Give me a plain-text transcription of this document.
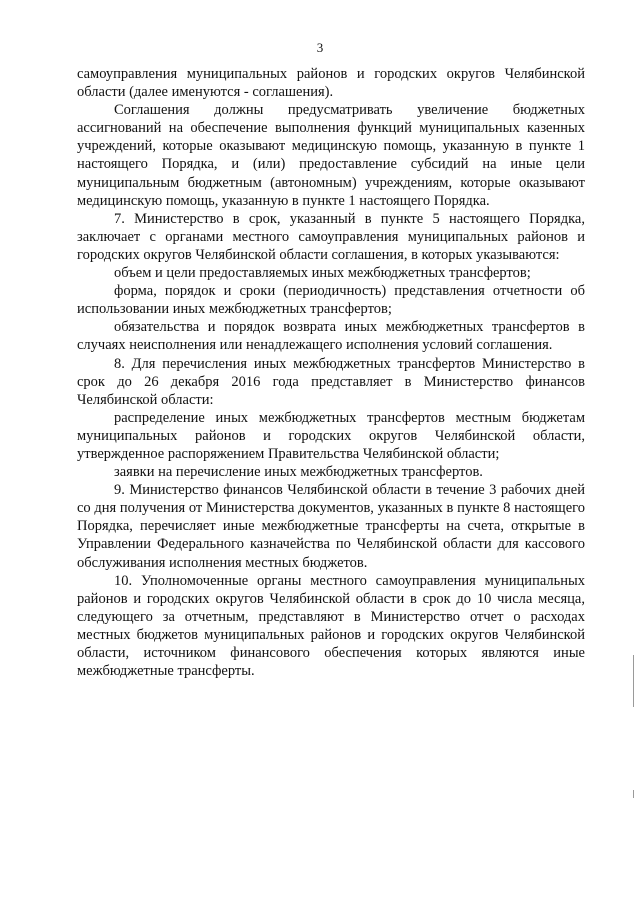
3

самоуправления муниципальных районов и городских округов Челябинской области (далее именуются - соглашения).

Соглашения должны предусматривать увеличение бюджетных ассигнований на обеспечение выполнения функций муниципальных казенных учреждений, которые оказывают медицинскую помощь, указанную в пункте 1 настоящего Порядка, и (или) предоставление субсидий на иные цели муниципальным бюджетным (автономным) учреждениям, которые оказывают медицинскую помощь, указанную в пункте 1 настоящего Порядка.

7. Министерство в срок, указанный в пункте 5 настоящего Порядка, заключает с органами местного самоуправления муниципальных районов и городских округов Челябинской области соглашения, в которых указываются:

объем и цели предоставляемых иных межбюджетных трансфертов;

форма, порядок и сроки (периодичность) представления отчетности об использовании иных межбюджетных трансфертов;

обязательства и порядок возврата иных межбюджетных трансфертов в случаях неисполнения или ненадлежащего исполнения условий соглашения.

8. Для перечисления иных межбюджетных трансфертов Министерство в срок до 26 декабря 2016 года представляет в Министерство финансов Челябинской области:

распределение иных межбюджетных трансфертов местным бюджетам муниципальных районов и городских округов Челябинской области, утвержденное распоряжением Правительства Челябинской области;

заявки на перечисление иных межбюджетных трансфертов.

9. Министерство финансов Челябинской области в течение 3 рабочих дней со дня получения от Министерства документов, указанных в пункте 8 настоящего Порядка, перечисляет иные межбюджетные трансферты на счета, открытые в Управлении Федерального казначейства по Челябинской области для кассового обслуживания исполнения местных бюджетов.

10. Уполномоченные органы местного самоуправления муниципальных районов и городских округов Челябинской области в срок до 10 числа месяца, следующего за отчетным, представляют в Министерство отчет о расходах местных бюджетов муниципальных районов и городских округов Челябинской области, источником финансового обеспечения которых являются иные межбюджетные трансферты.
